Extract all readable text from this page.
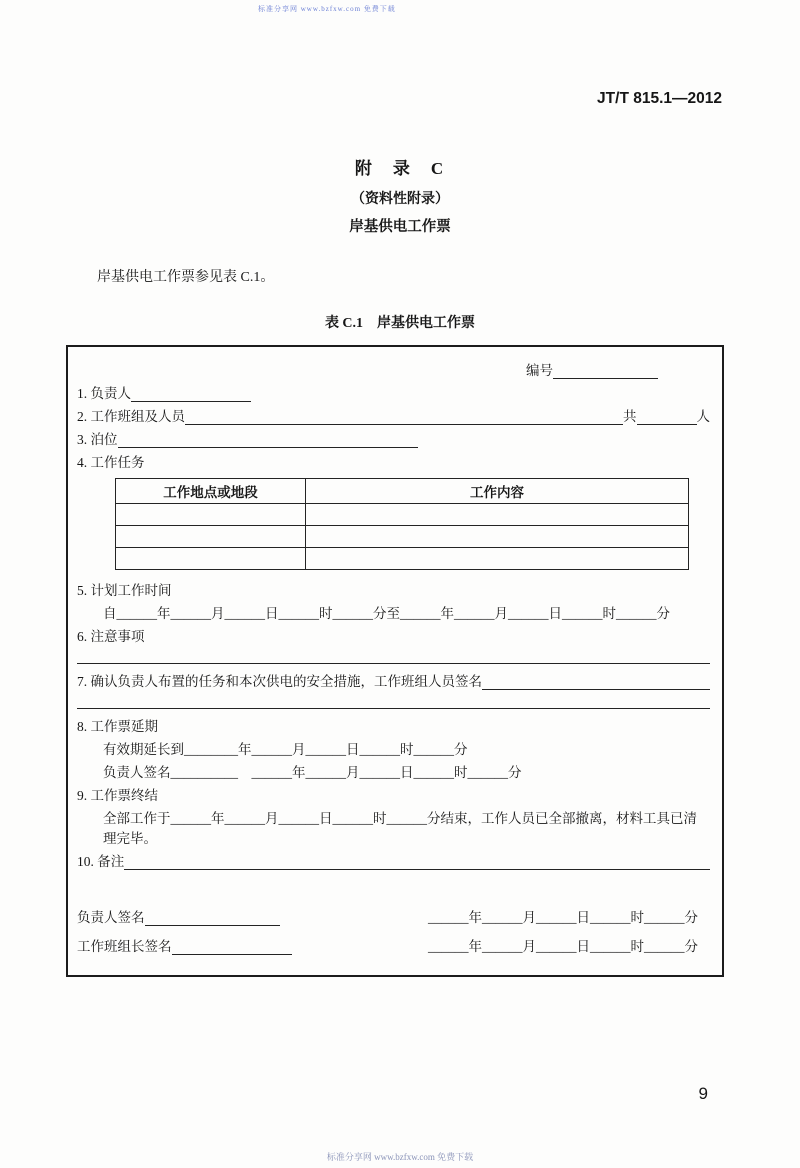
标准分享网 www.bzfxw.com 免费下载
JT/T 815.1—2012
附　录　C
（资料性附录）
岸基供电工作票

岸基供电工作票参见表 C.1。

表 C.1　岸基供电工作票
编号
1. 负责人
2. 工作班组及人员	共	人
3. 泊位
4. 工作任务
工作地点或地段	工作内容

5. 计划工作时间
自______年______月______日______时______分至______年______月______日______时______分
6. 注意事项
7. 确认负责人布置的任务和本次供电的安全措施，工作班组人员签名
8. 工作票延期
有效期延长到________年______月______日______时______分
负责人签名__________　______年______月______日______时______分
9. 工作票终结
全部工作于______年______月______日______时______分结束，工作人员已全部撤离，材料工具已清理完毕。
10. 备注
负责人签名	______年______月______日______时______分
工作班组长签名	______年______月______日______时______分
9
标准分享网 www.bzfxw.com 免费下载
